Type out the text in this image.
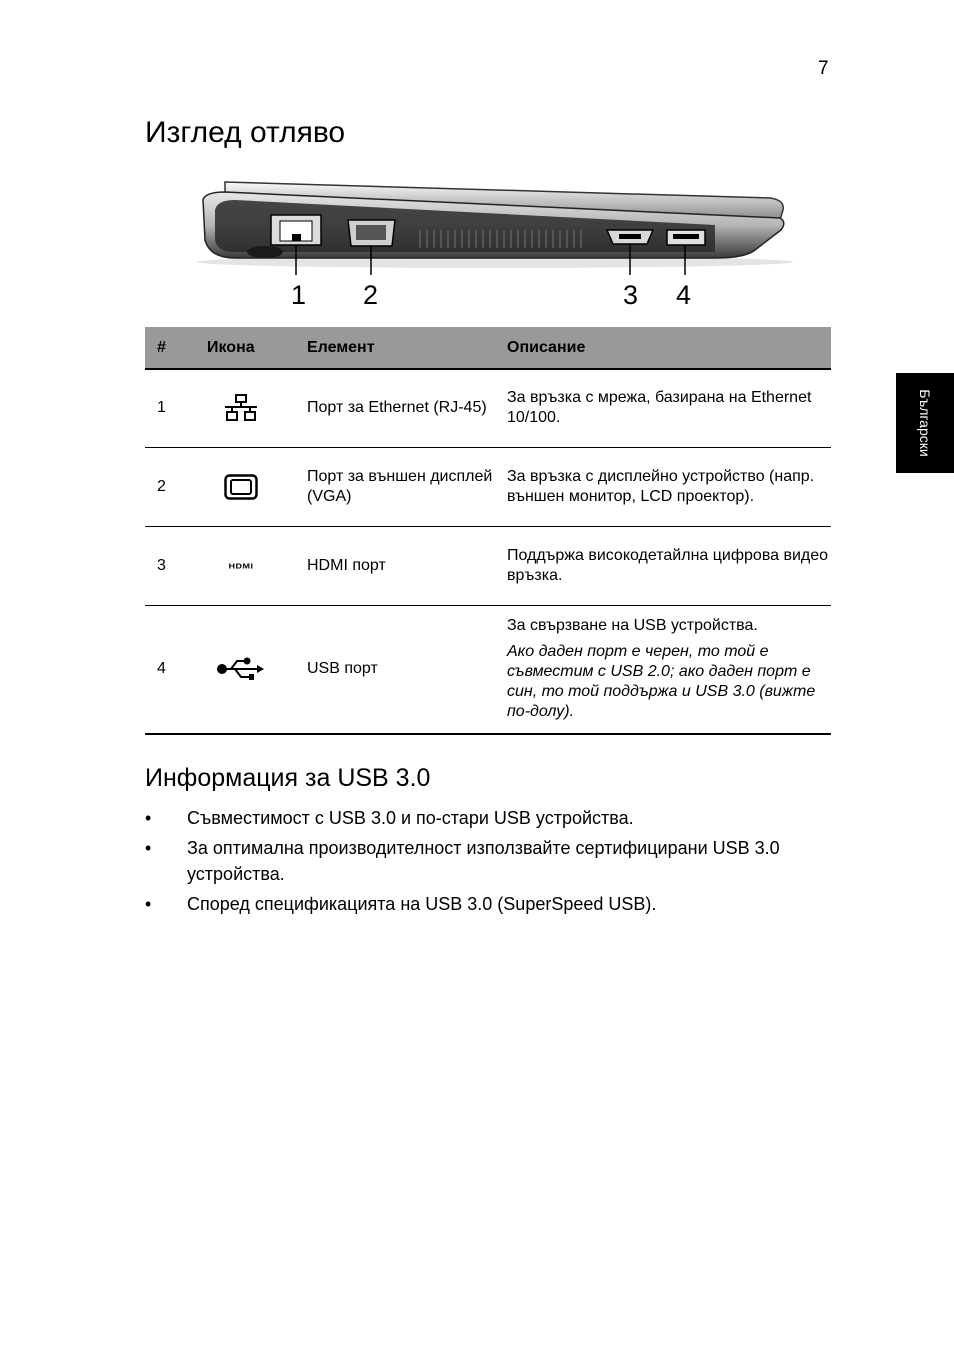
7
Изглед отляво
Български
1 2	3 4
#	Икона	Елемент	Описание
1		Порт за Ethernet (RJ-45)	За връзка с мрежа, базирана на Ethernet 10/100.
2		Порт за външен дисплей (VGA)	За връзка с дисплейно устройство (напр. външен монитор, LCD проектор).
3	HDMI	HDMI порт	Поддържа високодетайлна цифрова видео връзка.
4		USB порт	За свързване на USB устройства.
Ако даден порт е черен, то той е съвместим с USB 2.0; ако даден порт е син, то той поддържа и USB 3.0 (вижте по-долу).
Информация за USB 3.0
• Съвместимост с USB 3.0 и по-стари USB устройства.
• За оптимална производителност използвайте сертифицирани USB 3.0 устройства.
• Според спецификацията на USB 3.0 (SuperSpeed USB).
